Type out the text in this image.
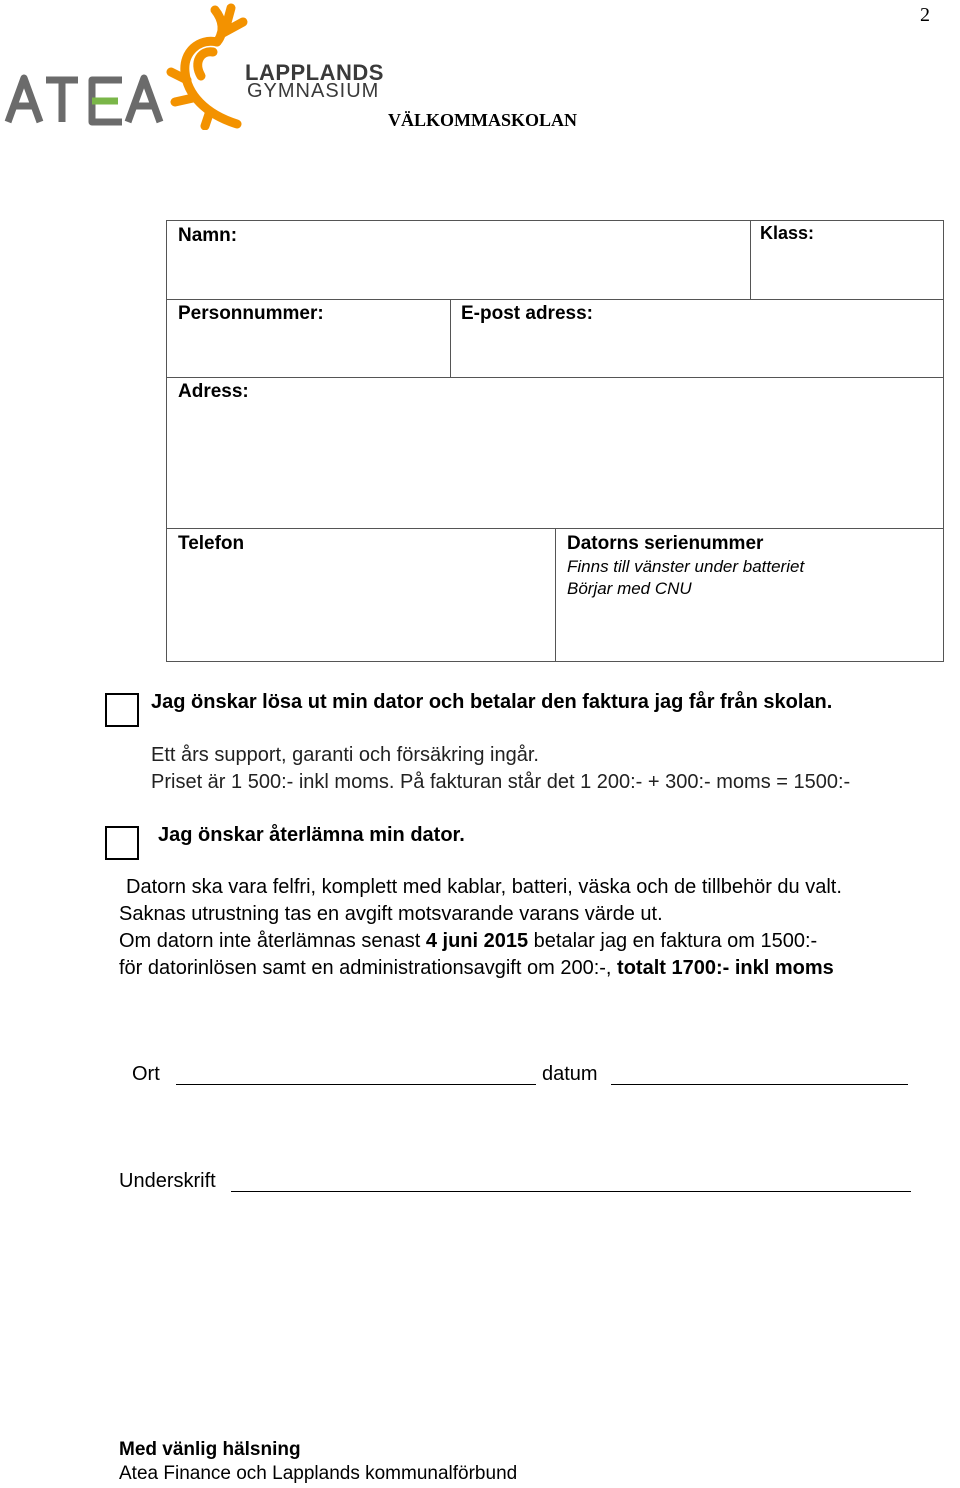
2
LAPPLANDS
GYMNASIUM
VÄLKOMMASKOLAN
Namn:	Klass:
Personnummer:	E-post adress:
Adress:
Telefon	Datorns serienummer
Finns till vänster under batteriet
Börjar med CNU
Jag önskar lösa ut min dator och betalar den faktura jag får från skolan.
Ett års support, garanti och försäkring ingår.
Priset är 1 500:- inkl moms. På fakturan står det 1 200:- + 300:- moms = 1500:-
Jag önskar återlämna min dator.
Datorn ska vara felfri, komplett med kablar, batteri, väska och de tillbehör du valt.
Saknas utrustning tas en avgift motsvarande varans värde ut.
Om datorn inte återlämnas senast 4 juni 2015 betalar jag en faktura om 1500:-
för datorinlösen samt en administrationsavgift om 200:-, totalt 1700:- inkl moms
Ort	datum
Underskrift
Med vänlig hälsning
Atea Finance och Lapplands kommunalförbund
